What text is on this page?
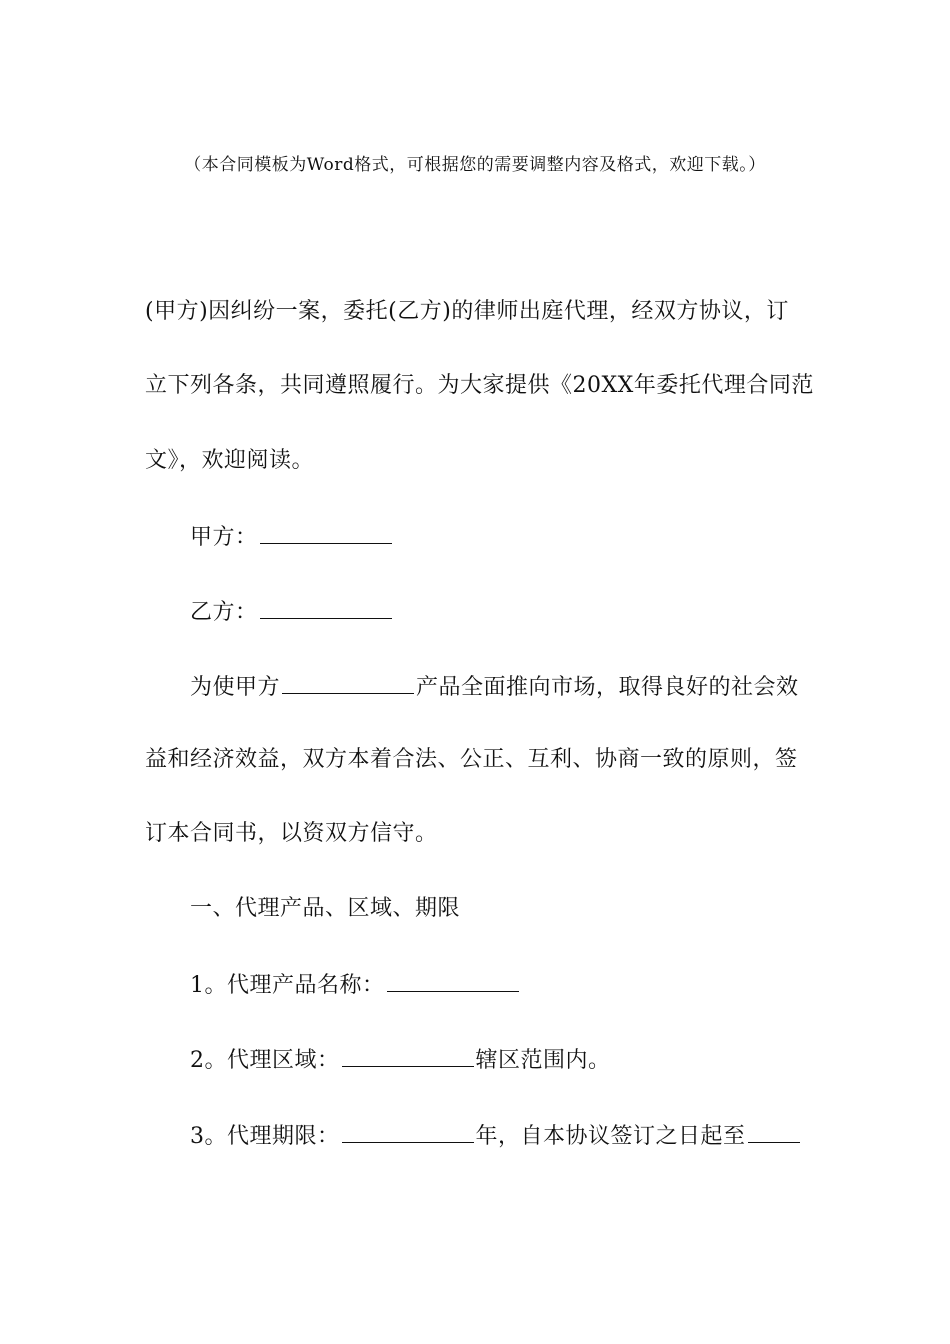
（本合同模板为Word格式，可根据您的需要调整内容及格式，欢迎下载。）
(甲方)因纠纷一案，委托(乙方)的律师出庭代理，经双方协议，订
立下列各条，共同遵照履行。为大家提供《20XX年委托代理合同范
文》，欢迎阅读。
甲方：
乙方：
为使甲方	产品全面推向市场，取得良好的社会效
益和经济效益，双方本着合法、公正、互利、协商一致的原则，签
订本合同书，以资双方信守。
一、代理产品、区域、期限
1。代理产品名称：
2。代理区域：	辖区范围内。
3。代理期限：	年，自本协议签订之日起至
